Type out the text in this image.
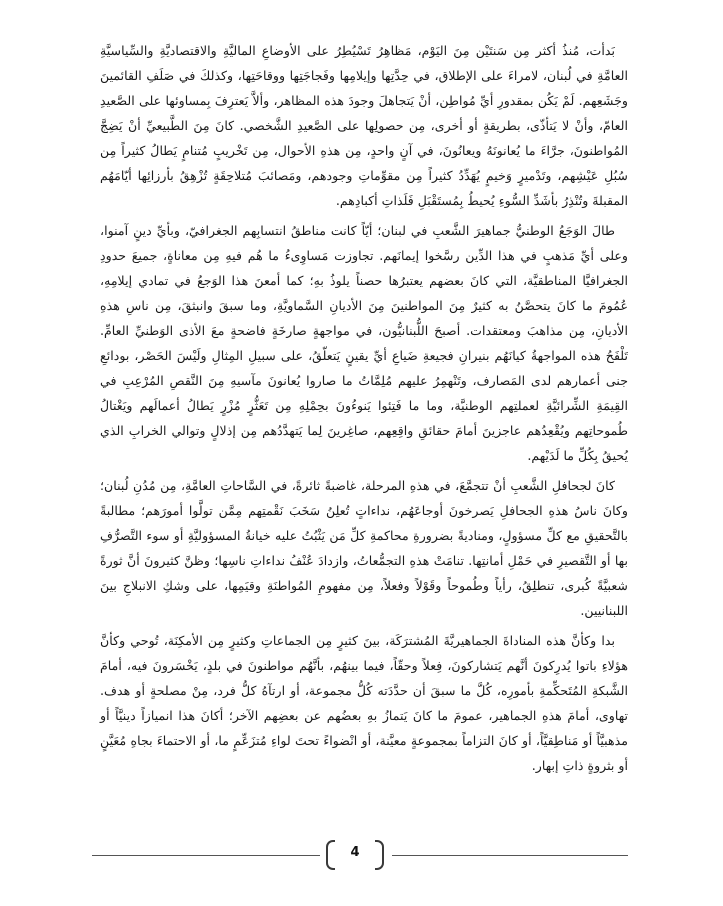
بَدأت، مُنذُ أكثر مِن سَنتَيْن مِنَ اليَوْم، مَظاهِرُ تَسْيُطِرُ على الأوضاعِ الماليَّةِ والاقتصاديَّةِ والسِّياسيَّةِ العامَّةِ في لُبنان، لامراءَ على الإطلاق، في حِدَّتِها وإيلامِها وفَجاجَتِها ووقاحَتِها، وكذلكَ في صَلَفِ القائمينَ وجَشَعِهم. لَمْ يَكُن بمقدورِ أيِّ مُواطِن، أنْ يَتجاهلَ وجودَ هذه المظاهر، وألاَّ يَعترِفَ بِمساوئها على الصَّعيدِ العامّ، وأنْ لا يَتأذّى، بطريقةٍ أو أخرى، مِن حصولِها على الصَّعيدِ الشَّخصي. كانَ مِنَ الطَّبيعيِّ أنْ يَضِجَّ المُواطنونَ، جرَّاءَ ما يُعانونَهُ ويعانُونَ، في آنٍ واحدٍ، مِن هذهِ الأحوال، مِن تَخْريبٍ مُتنامٍ يَطالُ كثيراً مِن سُبُلِ عَيْشِهم، وتَدْميرٍ وَخيمٍ يُهَدِّدُ كثيراً مِن مقوِّماتِ وجودهم، ومَصائبَ مُتلاحِقَةٍ تُزْهِقُ بأرزائِها أيّامَهُم المقبلةَ وتُنْذِرُ بأشَدِّ السُّوءِ يُحيطُ بِمُستَقْبَلِ فَلَذاتِ أكبادِهم.

طالَ الوَجَعُ الوطنيُّ جماهيرَ الشَّعبِ في لبنان؛ أيّاً كانت مناطقُ انتسابِهم الجغرافيّ، وبأيِّ دينٍ آمنوا، وعلى أيِّ مَذهبٍ في هذا الدِّين رسَّخوا إيمانَهم. تجاوزت مَساوِىءُ ما هُم فيهِ مِن معاناةٍ، جميعَ حدودِ الجغرافيَّا المناطقيَّة، التي كانَ بعضهم يعتبرُها حصناً يلوذُ بهِ؛ كما أمعنَ هذا الوَجعُ في تمادي إيلامِهِ، عُمُومَ ما كانَ يتحصَّنُ به كثيرٌ مِنَ المواطنينَ مِنَ الأديانِ السَّماويَّةِ، وما سبقَ وانبثقَ، مِن ناسِ هذهِ الأديانِ، مِن مذاهبَ ومعتقدات. أصبحَ اللُّبنانيُّون، في مواجهةٍ صارخَةٍ فاضحةٍ معَ الأذى الوَطنيِّ العامِّ. تَلْفَحُ هذه المواجهةُ كيانَهُم بنيرانِ فجيعةِ ضَياعِ أيِّ يقينٍ يَتعلّقُ، على سبيلِ المِثالِ ولَيْسَ الحَصْر، بودائعِ جنى أعمارهم لدى المَصارف، وتَنْهمِرُ عليهم مُلِمَّاتُ ما صاروا يُعانونَ مآسيهِ مِنَ النَّقصِ المُرْعِبِ في القِيمَةِ الشِّرائيَّةِ لعملتِهم الوطنيَّة، وما ما فَتِئوا يَنوءُونَ بحِمْلِهِ مِن تَعَثُّرٍ مُزْرٍ يَطالُ أعمالَهم ويَغْتالُ طُموحاتِهم ويُقْعِدُهم عاجزينَ أمامَ حقائقِ واقِعِهم، صاغِرينَ لِما يَتهدَّدُهم مِن إذلالٍ وتوالي الخرابِ الذي يُحيقُ بِكُلِّ ما لَدَيْهم.

كانَ لجحافلِ الشَّعبِ أنْ تتجمَّعَ، في هذهِ المرحلة، غاضبةً ثائرةً، في السَّاحاتِ العامَّةِ، مِن مُدُنِ لُبنان؛ وكانَ ناسُ هذهِ الجحافلِ يَصرخونَ أوجاعَهُم، نداءاتٍ تُعلِنُ سَخَبَ نَقْمتِهم مِمَّن تولَّوا أمورَهم؛ مطالبةً بالتَّحقيقِ مع كلِّ مسؤولٍ، ومناديةً بضرورةِ محاكمةِ كلِّ مَن يَثْبُتُ عليه خيانةُ المسؤوليَّةِ أو سوء التَّصرُّفِ بها أو التَّقصيرِ في حَمْلِ أمانتِها. تنامَتْ هذهِ التجمُّعاتُ، وازدادَ عُنْفُ نداءاتِ ناسِها؛ وظنَّ كثيرونَ أنَّ ثورةً شعبيَّةً كُبرى، تنطلِقُ، رأياً وطُموحاً وقَوْلاً وفعلاً، مِن مفهومِ المُواطنَةِ وقيَمِها، على وشكِ الانبلاجِ بينَ اللبنانيين.

بدا وكأنَّ هذه المناداةَ الجماهيريَّةَ المُشترَكَة، بينَ كثيرٍ مِن الجماعاتِ وكثيرٍ مِن الأمكِنَة، تُوحي وكأنَّ هؤلاءِ باتوا يُدرِكونَ أنَّهم يَتشاركونَ، فِعلاً وحقّاً، فيما بينهُم، بأنَّهُم مواطنونَ في بلدٍ، يَخْسَرونَ فيه، أمامَ الشَّبكةِ المُتَحكِّمةِ بأمورِه، كُلَّ ما سبقَ أن حدَّدَته كُلُّ مجموعة، أو ارتآهُ كلُّ فرد، مِنْ مصلحةٍ أو هدف. تهاوى، أمامَ هذهِ الجماهير، عمومَ ما كانَ يَتمازُ بهِ بعضُهم عن بعضِهم الآخر؛ أكانَ هذا انميازاً دينيَّاً أو مذهبيَّاً أو مَناطِقيَّاً، أو كانَ التزاماً بمجموعةٍ معيَّنة، أو انْضواءً تحتَ لواءِ مُتزَعِّمٍ ما، أو الاحتماءَ بجاهِ مُعَيَّنٍ أو بثروةٍ ذاتِ إبهار.

4
